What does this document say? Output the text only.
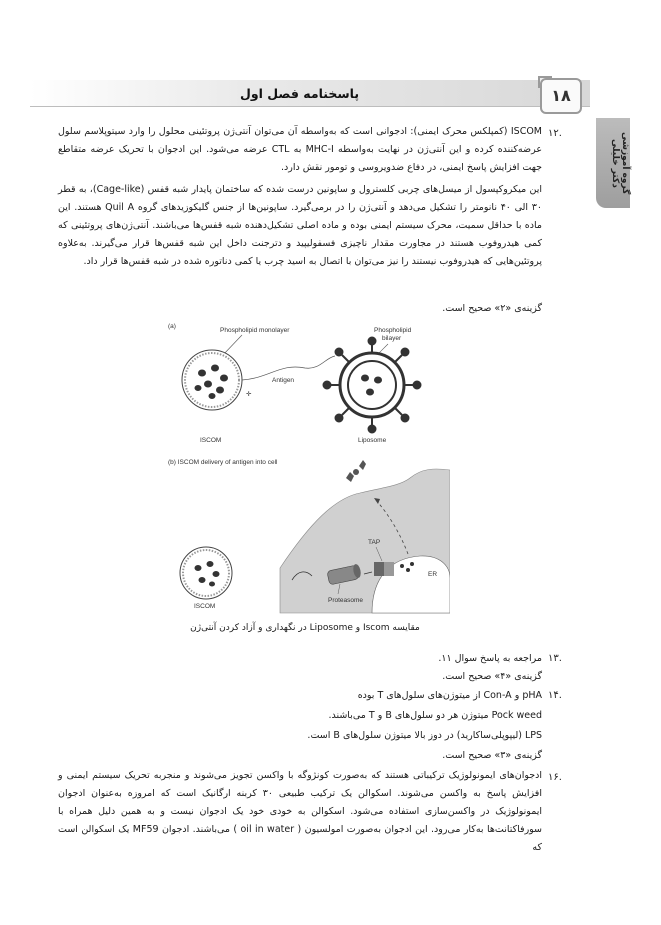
پاسخنامه فصل اول	۱۸
گروه آموزشی دکتر خلیلی
۱۲.
ISCOM (کمپلکس محرک ایمنی): ادجوانی است که به‌واسطه آن می‌توان آنتی‌ژن پروتئینی محلول را وارد سیتوپلاسم سلول عرضه‌کننده کرده و این آنتی‌ژن در نهایت به‌واسطه MHC-I به CTL عرضه می‌شود. این ادجوان با تحریک عرضه متقاطع جهت افزایش پاسخ ایمنی، در دفاع ضدویروسی و تومور نقش دارد.
این میکروکپسول از میسل‌های چربی کلسترول و ساپونین درست شده که ساختمان پایدار شبه قفس (Cage-like)، به قطر ۳۰ الی ۴۰ نانومتر را تشکیل می‌دهد و آنتی‌ژن را در برمی‌گیرد. ساپونین‌ها از جنس گلیکوزیدهای گروه Quil A هستند. این ماده با حداقل سمیت، محرک سیستم ایمنی بوده و ماده اصلی تشکیل‌دهنده شبه قفس‌ها می‌باشند. آنتی‌ژن‌های پروتئینی که کمی هیدروفوب هستند در مجاورت مقدار ناچیزی فسفولیپید و دترجنت داخل این شبه قفس‌ها قرار می‌گیرند. به‌علاوه پروتئین‌هایی که هیدروفوب نیستند را نیز می‌توان با اتصال به اسید چرب یا کمی دناتوره شده در شبه قفس‌ها قرار داد.
گزینه‌ی «۲» صحیح است.
(a)
Phospholipid monolayer	Phospholipid
bilayer
✛
Antigen
ISCOM	Liposome
(b) ISCOM delivery of antigen into cell
ISCOM
Proteasome
TAP
ER
مقایسه Iscom و Liposome در نگهداری و آزاد کردن آنتی‌ژن
۱۳.
مراجعه به پاسخ سوال ۱۱.
گزینه‌ی «۴» صحیح است.
۱۴.
pHA و Con-A از میتوژن‌های سلول‌های T بوده
Pock weed میتوژن هر دو سلول‌های B و T می‌باشند.
LPS (لیپوپلی‌ساکارید) در دوز بالا میتوژن سلول‌های B است.
گزینه‌ی «۳» صحیح است.
۱۶.
ادجوان‌های ایمونولوژیک ترکیباتی هستند که به‌صورت کونژوگه با واکسن تجویز می‌شوند و منجربه تحریک سیستم ایمنی و افزایش پاسخ به واکسن می‌شوند. اسکوالن یک ترکیب طبیعی ۳۰ کربنه ارگانیک است که امروزه به‌عنوان ادجوان ایمونولوژیک در واکسن‌سازی استفاده می‌شود. اسکوالن به خودی خود یک ادجوان نیست و به همین دلیل همراه با سورفاکتانت‌ها به‌کار می‌رود. این ادجوان به‌صورت امولسیون ( oil in water ) می‌باشند. ادجوان MF59 یک اسکوالن است که
